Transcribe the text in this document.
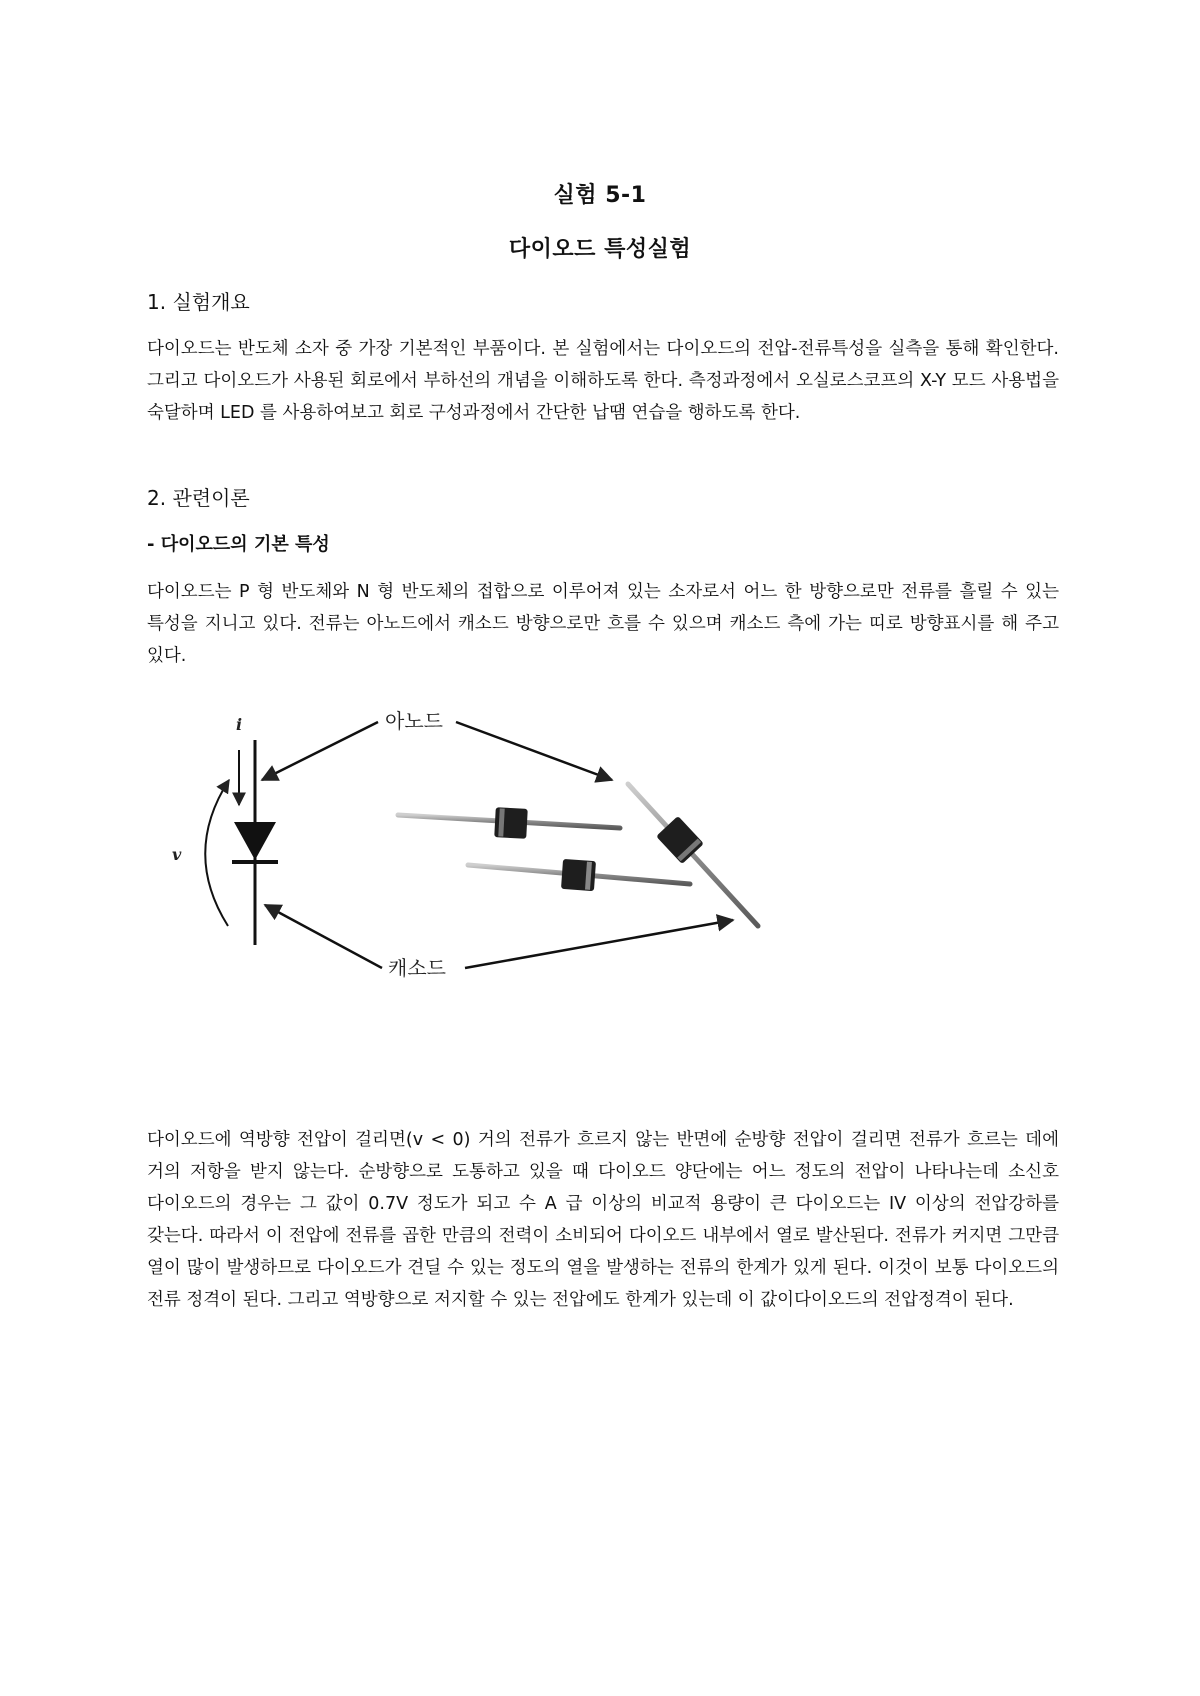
실험 5-1
다이오드 특성실험
1. 실험개요

다이오드는 반도체 소자 중 가장 기본적인 부품이다. 본 실험에서는 다이오드의 전압-전류특성을 실측을 통해 확인한다. 그리고 다이오드가 사용된 회로에서 부하선의 개념을 이해하도록 한다. 측정과정에서 오실로스코프의 X-Y 모드 사용법을 숙달하며 LED 를 사용하여보고 회로 구성과정에서 간단한 납땜 연습을 행하도록 한다.

2. 관련이론
- 다이오드의 기본 특성

다이오드는 P 형 반도체와 N 형 반도체의 접합으로 이루어져 있는 소자로서 어느 한 방향으로만 전류를 흘릴 수 있는 특성을 지니고 있다. 전류는 아노드에서 캐소드 방향으로만 흐를 수 있으며 캐소드 측에 가는 띠로 방향표시를 해 주고 있다.

i
v
아노드
캐소드

다이오드에 역방향 전압이 걸리면(v < 0) 거의 전류가 흐르지 않는 반면에 순방향 전압이 걸리면 전류가 흐르는 데에 거의 저항을 받지 않는다. 순방향으로 도통하고 있을 때 다이오드 양단에는 어느 정도의 전압이 나타나는데 소신호 다이오드의 경우는 그 값이 0.7V 정도가 되고 수 A 급 이상의 비교적 용량이 큰 다이오드는 IV 이상의 전압강하를 갖는다. 따라서 이 전압에 전류를 곱한 만큼의 전력이 소비되어 다이오드 내부에서 열로 발산된다. 전류가 커지면 그만큼 열이 많이 발생하므로 다이오드가 견딜 수 있는 정도의 열을 발생하는 전류의 한계가 있게 된다. 이것이 보통 다이오드의 전류 정격이 된다. 그리고 역방향으로 저지할 수 있는 전압에도 한계가 있는데 이 값이다이오드의 전압정격이 된다.
